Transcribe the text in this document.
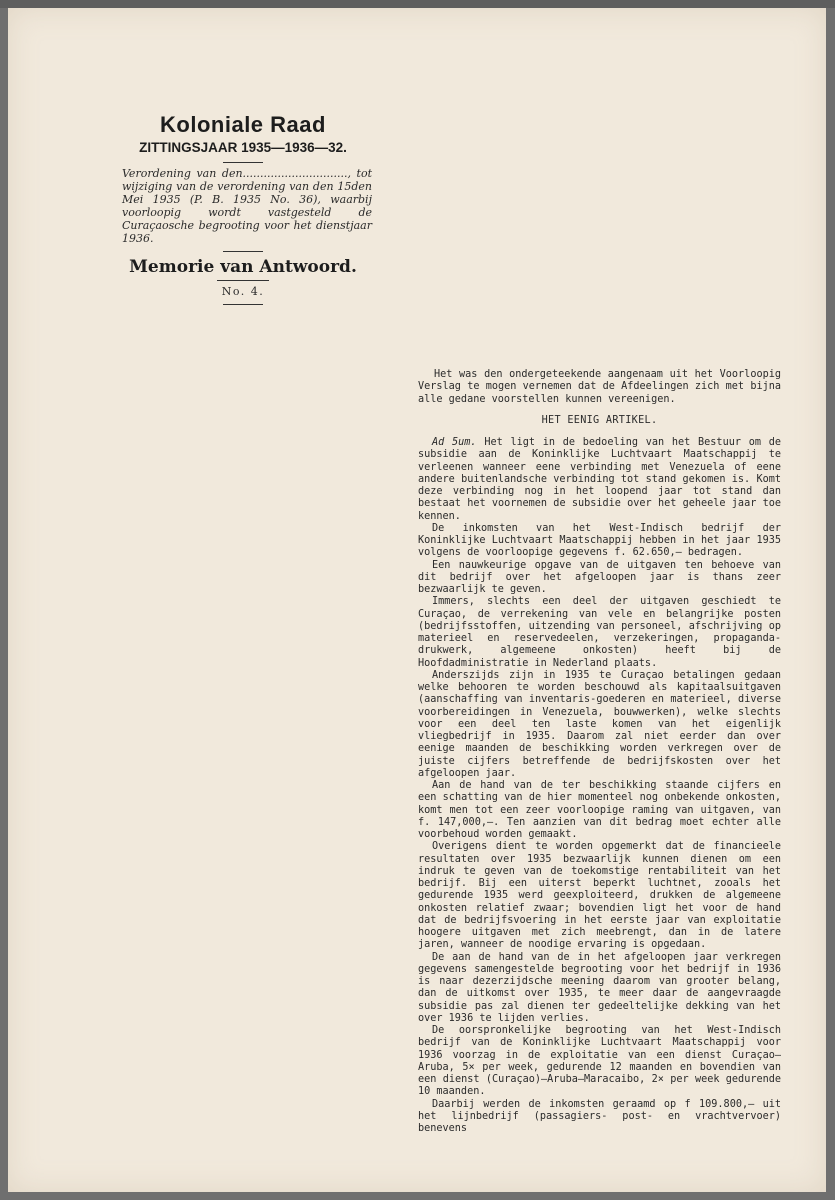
Koloniale Raad
ZITTINGSJAAR 1935—1936—32.
Verordening van den.............................., tot wijziging van de verordening van den 15den Mei 1935 (P. B. 1935 No. 36), waarbij voorloopig wordt vastgesteld de Curaçaosche begrooting voor het dienstjaar 1936.
Memorie van Antwoord.
No. 4.

Het was den ondergeteekende aangenaam uit het Voorloopig Verslag te mogen vernemen dat de Afdeelingen zich met bijna alle gedane voorstellen kunnen vereenigen.

HET EENIG ARTIKEL.

Ad 5um. Het ligt in de bedoeling van het Bestuur om de subsidie aan de Koninklijke Luchtvaart Maatschappij te verleenen wanneer eene verbinding met Venezuela of eene andere buitenlandsche verbinding tot stand gekomen is. Komt deze verbinding nog in het loopend jaar tot stand dan bestaat het voornemen de subsidie over het geheele jaar toe kennen.

De inkomsten van het West-Indisch bedrijf der Koninklijke Luchtvaart Maatschappij hebben in het jaar 1935 volgens de voorloopige gegevens f. 62.650,— bedragen.

Een nauwkeurige opgave van de uitgaven ten behoeve van dit bedrijf over het afgeloopen jaar is thans zeer bezwaarlijk te geven.

Immers, slechts een deel der uitgaven geschiedt te Curaçao, de verrekening van vele en belangrijke posten (bedrijfsstoffen, uitzending van personeel, afschrijving op materieel en reservedeelen, verzekeringen, propaganda-drukwerk, algemeene onkosten) heeft bij de Hoofdadministratie in Nederland plaats.

Anderszijds zijn in 1935 te Curaçao betalingen gedaan welke behooren te worden beschouwd als kapitaalsuitgaven (aanschaffing van inventaris-goederen en materieel, diverse voorbereidingen in Venezuela, bouwwerken), welke slechts voor een deel ten laste komen van het eigenlijk vliegbedrijf in 1935. Daarom zal niet eerder dan over eenige maanden de beschikking worden verkregen over de juiste cijfers betreffende de bedrijfskosten over het afgeloopen jaar.

Aan de hand van de ter beschikking staande cijfers en een schatting van de hier momenteel nog onbekende onkosten, komt men tot een zeer voorloopige raming van uitgaven, van f. 147,000,—. Ten aanzien van dit bedrag moet echter alle voorbehoud worden gemaakt.

Overigens dient te worden opgemerkt dat de financieele resultaten over 1935 bezwaarlijk kunnen dienen om een indruk te geven van de toekomstige rentabiliteit van het bedrijf. Bij een uiterst beperkt luchtnet, zooals het gedurende 1935 werd geexploiteerd, drukken de algemeene onkosten relatief zwaar; bovendien ligt het voor de hand dat de bedrijfsvoering in het eerste jaar van exploitatie hoogere uitgaven met zich meebrengt, dan in de latere jaren, wanneer de noodige ervaring is opgedaan.

De aan de hand van de in het afgeloopen jaar verkregen gegevens samengestelde begrooting voor het bedrijf in 1936 is naar dezerzijdsche meening daarom van grooter belang, dan de uitkomst over 1935, te meer daar de aangevraagde subsidie pas zal dienen ter gedeeltelijke dekking van het over 1936 te lijden verlies.

De oorspronkelijke begrooting van het West-Indisch bedrijf van de Koninklijke Luchtvaart Maatschappij voor 1936 voorzag in de exploitatie van een dienst Curaçao—Aruba, 5× per week, gedurende 12 maanden en bovendien van een dienst (Curaçao)—Aruba—Maracaibo, 2× per week gedurende 10 maanden.

Daarbij werden de inkomsten geraamd op f 109.800,— uit het lijnbedrijf (passagiers- post- en vrachtvervoer) benevens
